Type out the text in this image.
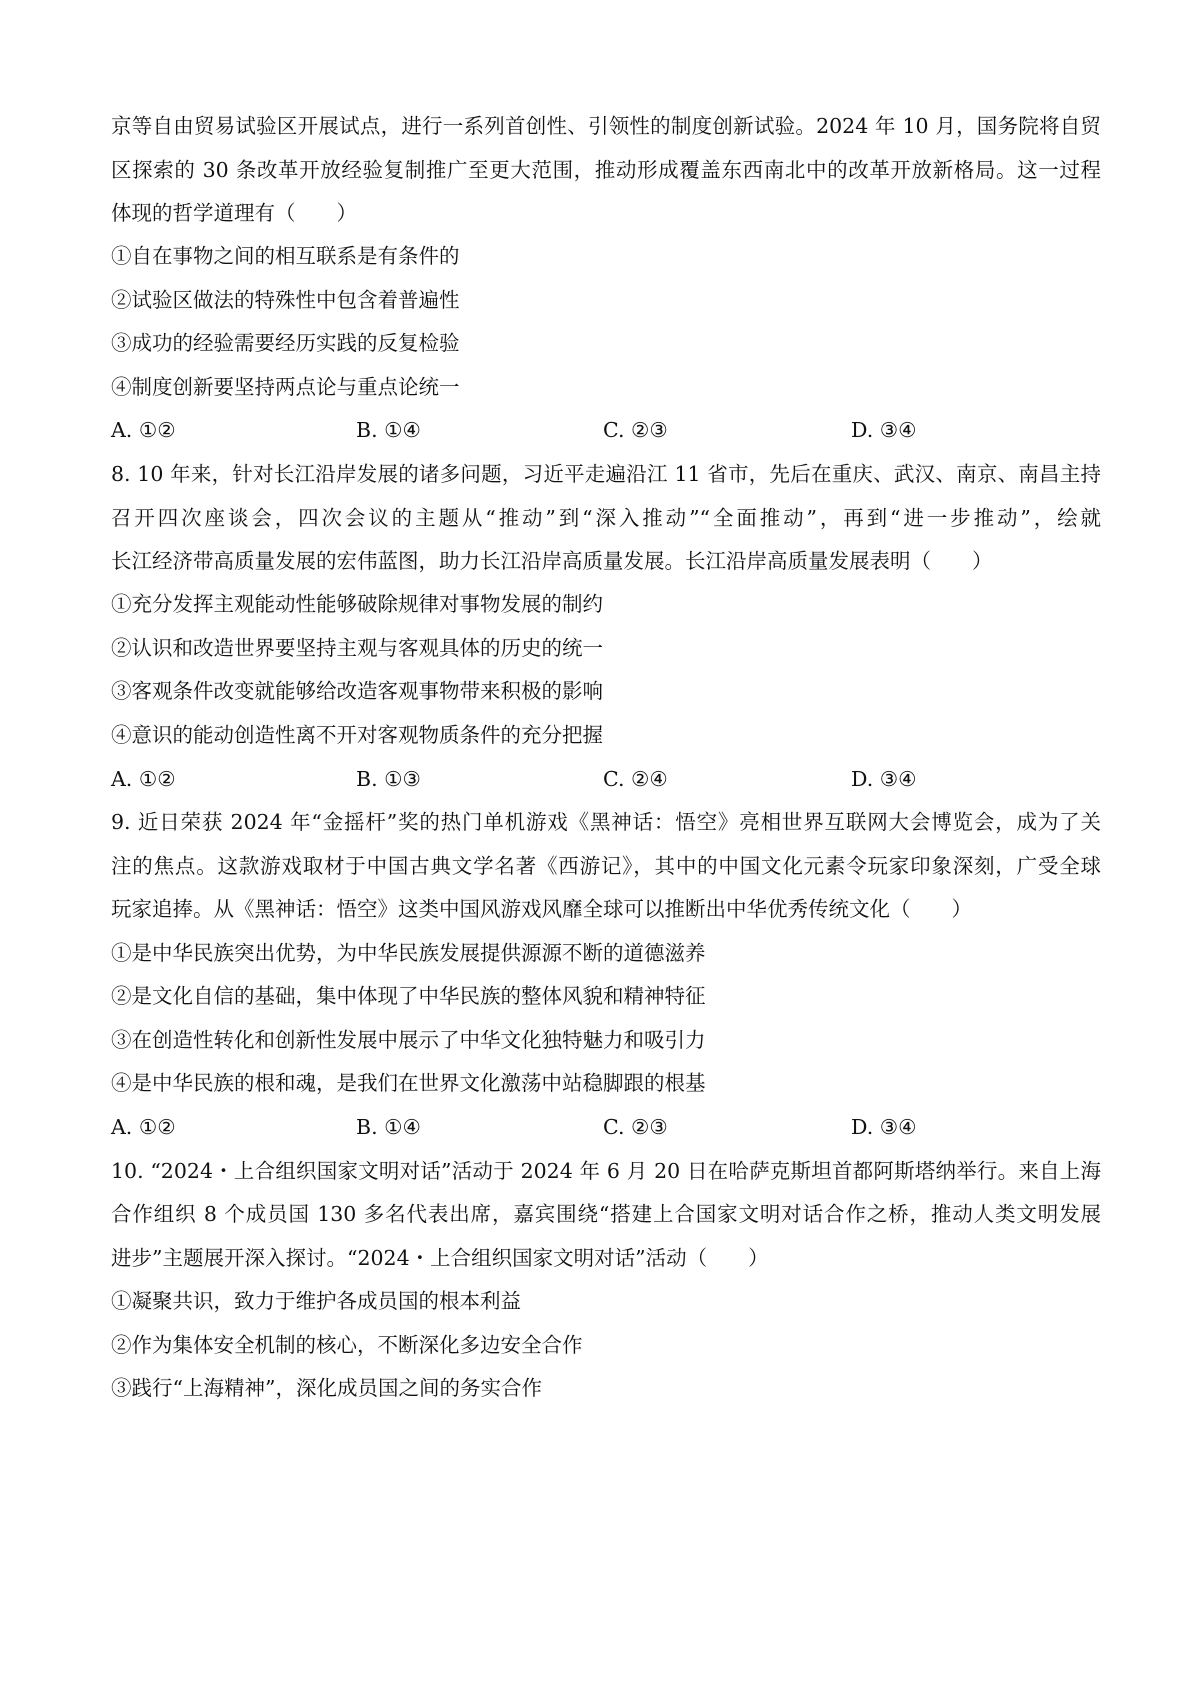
京等自由贸易试验区开展试点，进行一系列首创性、引领性的制度创新试验。2024 年 10 月，国务院将自贸
区探索的 30 条改革开放经验复制推广至更大范围，推动形成覆盖东西南北中的改革开放新格局。这一过程
体现的哲学道理有（　　）
①自在事物之间的相互联系是有条件的
②试验区做法的特殊性中包含着普遍性
③成功的经验需要经历实践的反复检验
④制度创新要坚持两点论与重点论统一
A. ①②	B. ①④	C. ②③	D. ③④
8. 10 年来，针对长江沿岸发展的诸多问题，习近平走遍沿江 11 省市，先后在重庆、武汉、南京、南昌主持
召开四次座谈会，四次会议的主题从“推动”到“深入推动”“全面推动”，再到“进一步推动”，绘就
长江经济带高质量发展的宏伟蓝图，助力长江沿岸高质量发展。长江沿岸高质量发展表明（　　）
①充分发挥主观能动性能够破除规律对事物发展的制约
②认识和改造世界要坚持主观与客观具体的历史的统一
③客观条件改变就能够给改造客观事物带来积极的影响
④意识的能动创造性离不开对客观物质条件的充分把握
A. ①②	B. ①③	C. ②④	D. ③④
9. 近日荣获 2024 年“金摇杆”奖的热门单机游戏《黑神话：悟空》亮相世界互联网大会博览会，成为了关
注的焦点。这款游戏取材于中国古典文学名著《西游记》，其中的中国文化元素令玩家印象深刻，广受全球
玩家追捧。从《黑神话：悟空》这类中国风游戏风靡全球可以推断出中华优秀传统文化（　　）
①是中华民族突出优势，为中华民族发展提供源源不断的道德滋养
②是文化自信的基础，集中体现了中华民族的整体风貌和精神特征
③在创造性转化和创新性发展中展示了中华文化独特魅力和吸引力
④是中华民族的根和魂，是我们在世界文化激荡中站稳脚跟的根基
A. ①②	B. ①④	C. ②③	D. ③④
10. “2024・上合组织国家文明对话”活动于 2024 年 6 月 20 日在哈萨克斯坦首都阿斯塔纳举行。来自上海
合作组织 8 个成员国 130 多名代表出席，嘉宾围绕“搭建上合国家文明对话合作之桥，推动人类文明发展
进步”主题展开深入探讨。“2024・上合组织国家文明对话”活动（　　）
①凝聚共识，致力于维护各成员国的根本利益
②作为集体安全机制的核心，不断深化多边安全合作
③践行“上海精神”，深化成员国之间的务实合作
